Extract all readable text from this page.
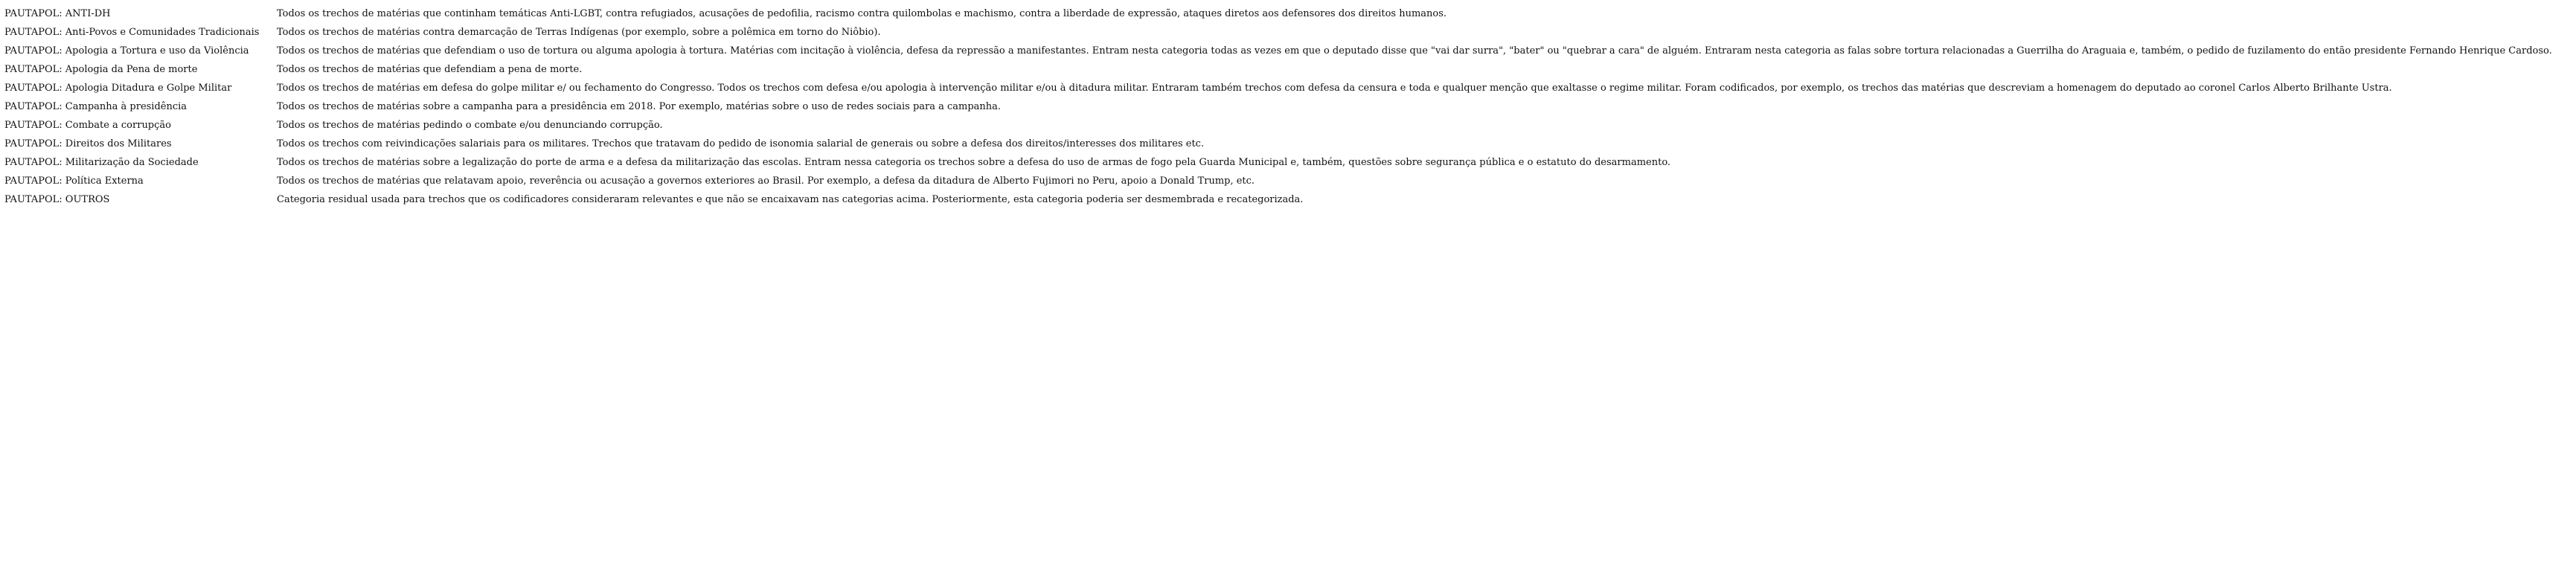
PAUTAPOL: ANTI-DH	Todos os trechos de matérias que continham temáticas Anti-LGBT, contra refugiados, acusações de pedofilia, racismo contra quilombolas e machismo, contra a liberdade de expressão, ataques diretos aos defensores dos direitos humanos.
PAUTAPOL: Anti-Povos e Comunidades Tradicionais	Todos os trechos de matérias contra demarcação de Terras Indígenas (por exemplo, sobre a polêmica em torno do Niôbio).
PAUTAPOL: Apologia a Tortura e uso da Violência	Todos os trechos de matérias que defendiam o uso de tortura ou alguma apologia à tortura. Matérias com incitação à violência, defesa da repressão a manifestantes. Entram nesta categoria todas as vezes em que o deputado disse que "vai dar surra", "bater" ou "quebrar a cara" de alguém. Entraram nesta categoria as falas sobre tortura relacionadas a Guerrilha do Araguaia e, também, o pedido de fuzilamento do então presidente Fernando Henrique Cardoso.
PAUTAPOL: Apologia da Pena de morte	Todos os trechos de matérias que defendiam a pena de morte.
PAUTAPOL: Apologia Ditadura e Golpe Militar	Todos os trechos de matérias em defesa do golpe militar e/ ou fechamento do Congresso. Todos os trechos com defesa e/ou apologia à intervenção militar e/ou à ditadura militar. Entraram também trechos com defesa da censura e toda e qualquer menção que exaltasse o regime militar. Foram codificados, por exemplo, os trechos das matérias que descreviam a homenagem do deputado ao coronel Carlos Alberto Brilhante Ustra.
PAUTAPOL: Campanha à presidência	Todos os trechos de matérias sobre a campanha para a presidência em 2018. Por exemplo, matérias sobre o uso de redes sociais para a campanha.
PAUTAPOL: Combate a corrupção	Todos os trechos de matérias pedindo o combate e/ou denunciando corrupção.
PAUTAPOL: Direitos dos Militares	Todos os trechos com reivindicações salariais para os militares. Trechos que tratavam do pedido de isonomia salarial de generais ou sobre a defesa dos direitos/interesses dos militares etc.
PAUTAPOL: Militarização da Sociedade	Todos os trechos de matérias sobre a legalização do porte de arma e a defesa da militarização das escolas. Entram nessa categoria os trechos sobre a defesa do uso de armas de fogo pela Guarda Municipal e, também, questões sobre segurança pública e o estatuto do desarmamento.
PAUTAPOL: Política Externa	Todos os trechos de matérias que relatavam apoio, reverência ou acusação a governos exteriores ao Brasil. Por exemplo, a defesa da ditadura de Alberto Fujimori no Peru, apoio a Donald Trump, etc.
PAUTAPOL: OUTROS	Categoria residual usada para trechos que os codificadores consideraram relevantes e que não se encaixavam nas categorias acima. Posteriormente, esta categoria poderia ser desmembrada e recategorizada.
